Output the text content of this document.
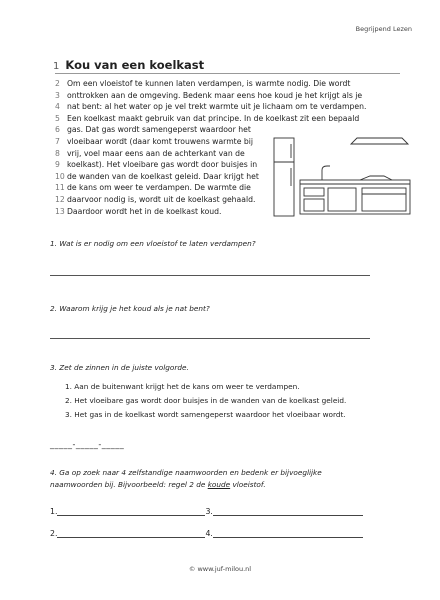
Begrijpend Lezen
1 Kou van een koelkast
2 Om een vloeistof te kunnen laten verdampen, is warmte nodig. Die wordt
3 onttrokken aan de omgeving. Bedenk maar eens hoe koud je het krijgt als je
4 nat bent: al het water op je vel trekt warmte uit je lichaam om te verdampen.
5 Een koelkast maakt gebruik van dat principe. In de koelkast zit een bepaald
6 gas. Dat gas wordt samengeperst waardoor het
7 vloeibaar wordt (daar komt trouwens warmte bij
8 vrij, voel maar eens aan de achterkant van de
9 koelkast). Het vloeibare gas wordt door buisjes in
10 de wanden van de koelkast geleid. Daar krijgt het
11 de kans om weer te verdampen. De warmte die
12 daarvoor nodig is, wordt uit de koelkast gehaald.
13 Daardoor wordt het in de koelkast koud.
1. Wat is er nodig om een vloeistof te laten verdampen?
2. Waarom krijg je het koud als je nat bent?
3. Zet de zinnen in de juiste volgorde.
1. Aan de buitenwant krijgt het de kans om weer te verdampen.
2. Het vloeibare gas wordt door buisjes in de wanden van de koelkast geleid.
3. Het gas in de koelkast wordt samengeperst waardoor het vloeibaar wordt.
_____-_____-_____
4. Ga op zoek naar 4 zelfstandige naamwoorden en bedenk er bijvoeglijke
naamwoorden bij. Bijvoorbeeld: regel 2 de koude vloeistof.
1.	3.
2.	4.
© www.juf-milou.nl
